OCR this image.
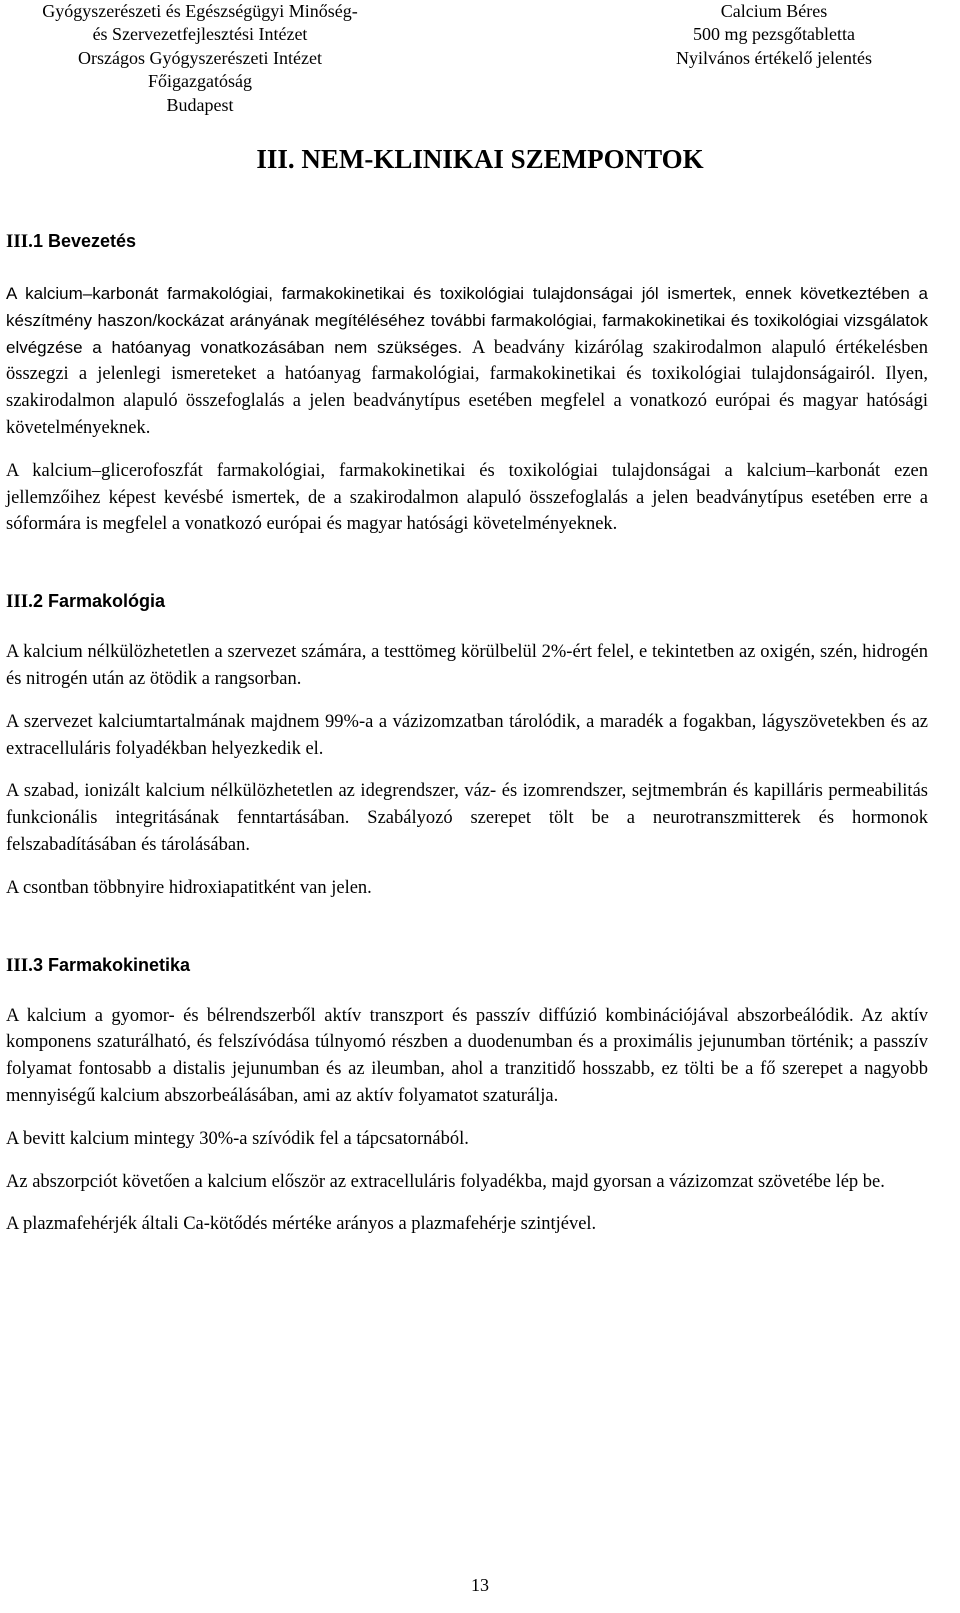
Gyógyszerészeti és Egészségügyi Minőség-
és Szervezetfejlesztési Intézet
Országos Gyógyszerészeti Intézet
Főigazgatóság
Budapest
Calcium Béres
500 mg pezsgőtabletta
Nyilvános értékelő jelentés
III. NEM-KLINIKAI SZEMPONTOK
III.1 Bevezetés

A kalcium–karbonát farmakológiai, farmakokinetikai és toxikológiai tulajdonságai jól ismertek, ennek következtében a készítmény haszon/kockázat arányának megítéléséhez további farmakológiai, farmakokinetikai és toxikológiai vizsgálatok elvégzése a hatóanyag vonatkozásában nem szükséges. A beadvány kizárólag szakirodalmon alapuló értékelésben összegzi a jelenlegi ismereteket a hatóanyag farmakológiai, farmakokinetikai és toxikológiai tulajdonságairól. Ilyen, szakirodalmon alapuló összefoglalás a jelen beadványtípus esetében megfelel a vonatkozó európai és magyar hatósági követelményeknek.

A kalcium–glicerofoszfát farmakológiai, farmakokinetikai és toxikológiai tulajdonságai a kalcium–karbonát ezen jellemzőihez képest kevésbé ismertek, de a szakirodalmon alapuló összefoglalás a jelen beadványtípus esetében erre a sóformára is megfelel a vonatkozó európai és magyar hatósági követelményeknek.

III.2 Farmakológia

A kalcium nélkülözhetetlen a szervezet számára, a testtömeg körülbelül 2%-ért felel, e tekintetben az oxigén, szén, hidrogén és nitrogén után az ötödik a rangsorban.

A szervezet kalciumtartalmának majdnem 99%-a a vázizomzatban tárolódik, a maradék a fogakban, lágyszövetekben és az extracelluláris folyadékban helyezkedik el.

A szabad, ionizált kalcium nélkülözhetetlen az idegrendszer, váz- és izomrendszer, sejtmembrán és kapilláris permeabilitás funkcionális integritásának fenntartásában. Szabályozó szerepet tölt be a neurotranszmitterek és hormonok felszabadításában és tárolásában.

A csontban többnyire hidroxiapatitként van jelen.

III.3 Farmakokinetika

A kalcium a gyomor- és bélrendszerből aktív transzport és passzív diffúzió kombinációjával abszorbeálódik. Az aktív komponens szaturálható, és felszívódása túlnyomó részben a duodenumban és a proximális jejunumban történik; a passzív folyamat fontosabb a distalis jejunumban és az ileumban, ahol a tranzitidő hosszabb, ez tölti be a fő szerepet a nagyobb mennyiségű kalcium abszorbeálásában, ami az aktív folyamatot szaturálja.

A bevitt kalcium mintegy 30%-a szívódik fel a tápcsatornából.

Az abszorpciót követően a kalcium először az extracelluláris folyadékba, majd gyorsan a vázizomzat szövetébe lép be.

A plazmafehérjék általi Ca-kötődés mértéke arányos a plazmafehérje szintjével.

13
